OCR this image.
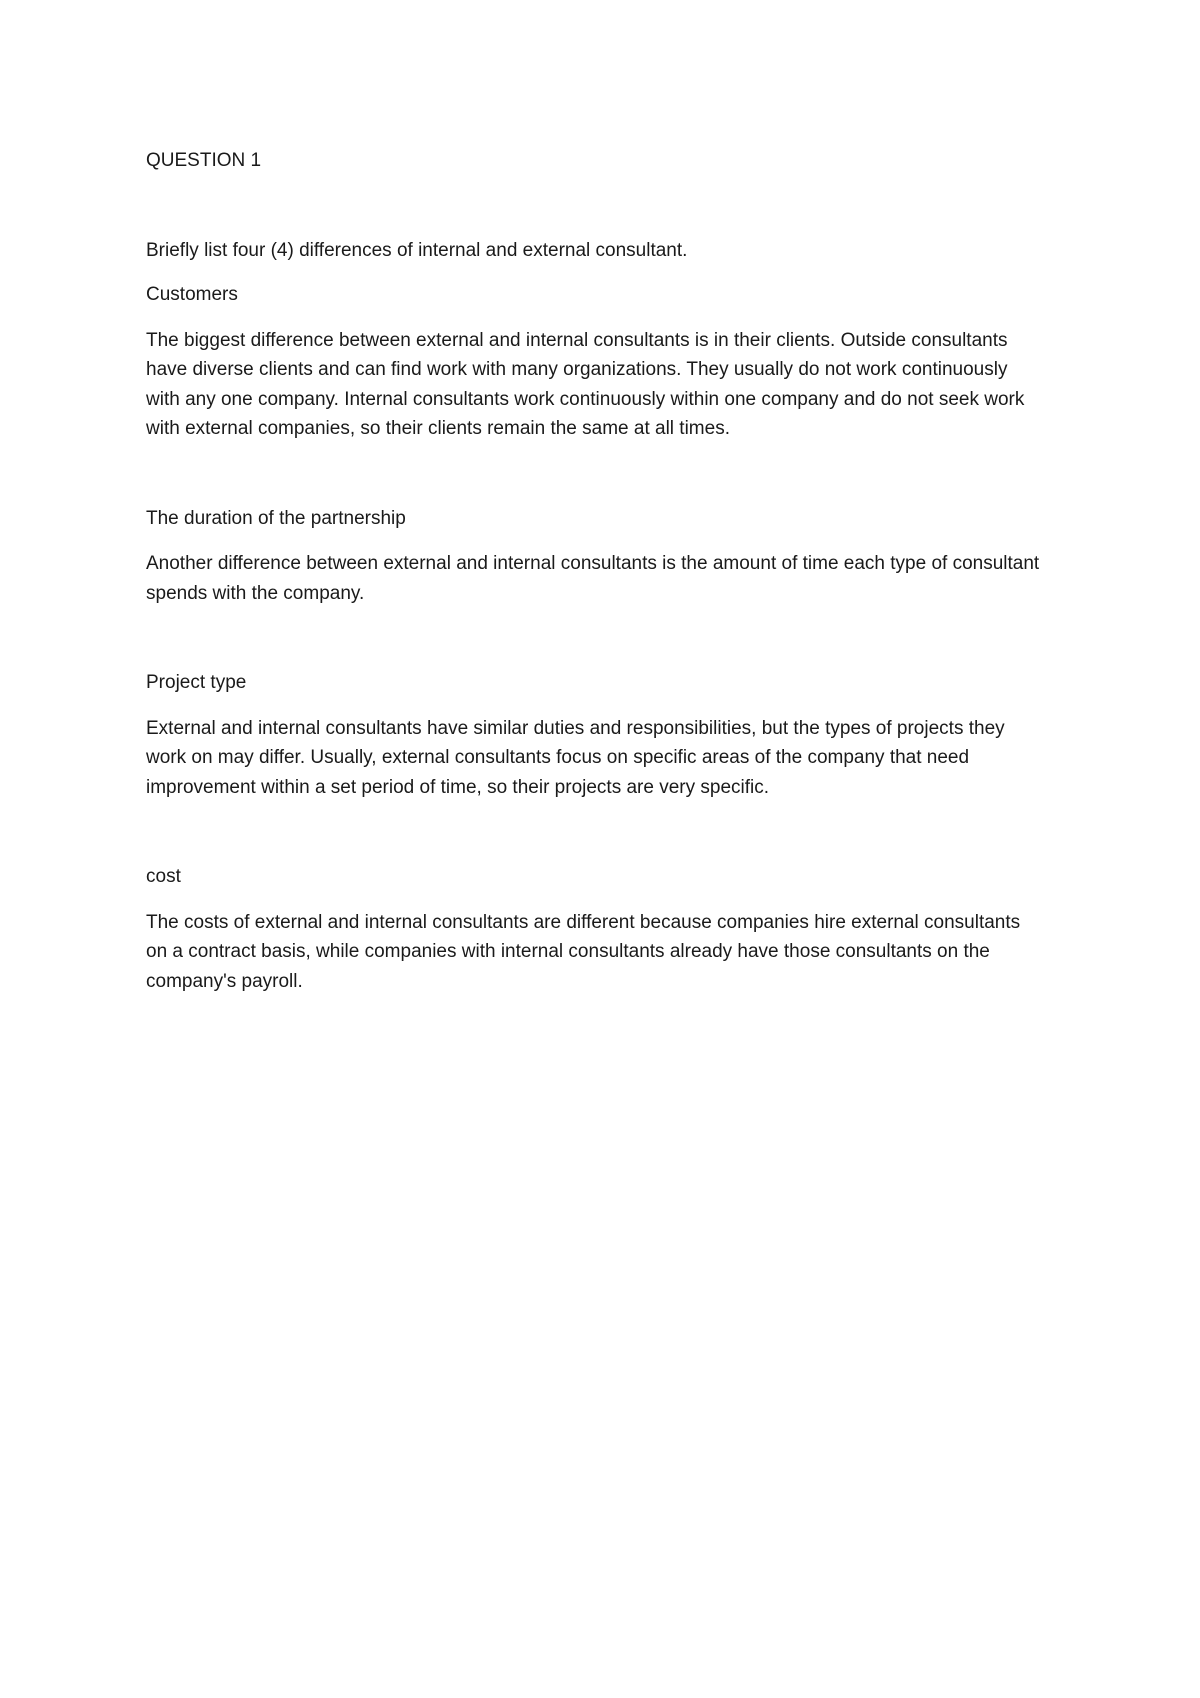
QUESTION 1

Briefly list four (4) differences of internal and external consultant.

Customers

The biggest difference between external and internal consultants is in their clients. Outside consultants have diverse clients and can find work with many organizations. They usually do not work continuously with any one company. Internal consultants work continuously within one company and do not seek work with external companies, so their clients remain the same at all times.

The duration of the partnership

Another difference between external and internal consultants is the amount of time each type of consultant spends with the company.

Project type

External and internal consultants have similar duties and responsibilities, but the types of projects they work on may differ. Usually, external consultants focus on specific areas of the company that need improvement within a set period of time, so their projects are very specific.

cost

The costs of external and internal consultants are different because companies hire external consultants on a contract basis, while companies with internal consultants already have those consultants on the company's payroll.
